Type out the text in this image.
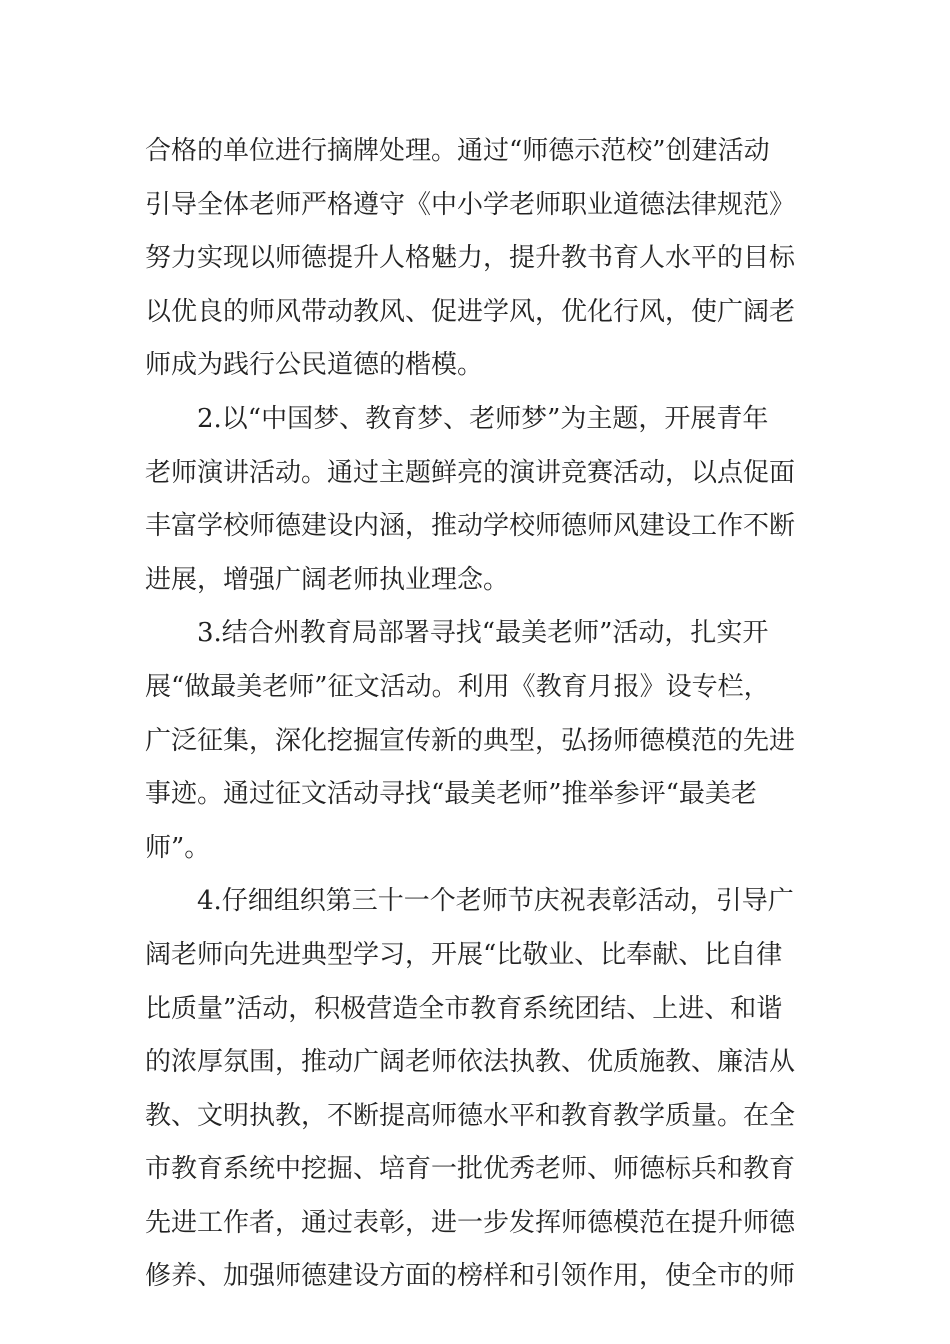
合格的单位进行摘牌处理。通过“师德示范校”创建活动
引导全体老师严格遵守《中小学老师职业道德法律规范》
努力实现以师德提升人格魅力，提升教书育人水平的目标
以优良的师风带动教风、促进学风，优化行风，使广阔老
师成为践行公民道德的楷模。
2.以“中国梦、教育梦、老师梦”为主题，开展青年
老师演讲活动。通过主题鲜亮的演讲竞赛活动，以点促面
丰富学校师德建设内涵，推动学校师德师风建设工作不断
进展，增强广阔老师执业理念。
3.结合州教育局部署寻找“最美老师”活动，扎实开
展“做最美老师”征文活动。利用《教育月报》设专栏，
广泛征集，深化挖掘宣传新的典型，弘扬师德模范的先进
事迹。通过征文活动寻找“最美老师”推举参评“最美老
师”。
4.仔细组织第三十一个老师节庆祝表彰活动，引导广
阔老师向先进典型学习，开展“比敬业、比奉献、比自律
比质量”活动，积极营造全市教育系统团结、上进、和谐
的浓厚氛围，推动广阔老师依法执教、优质施教、廉洁从
教、文明执教，不断提高师德水平和教育教学质量。在全
市教育系统中挖掘、培育一批优秀老师、师德标兵和教育
先进工作者，通过表彰，进一步发挥师德模范在提升师德
修养、加强师德建设方面的榜样和引领作用，使全市的师
